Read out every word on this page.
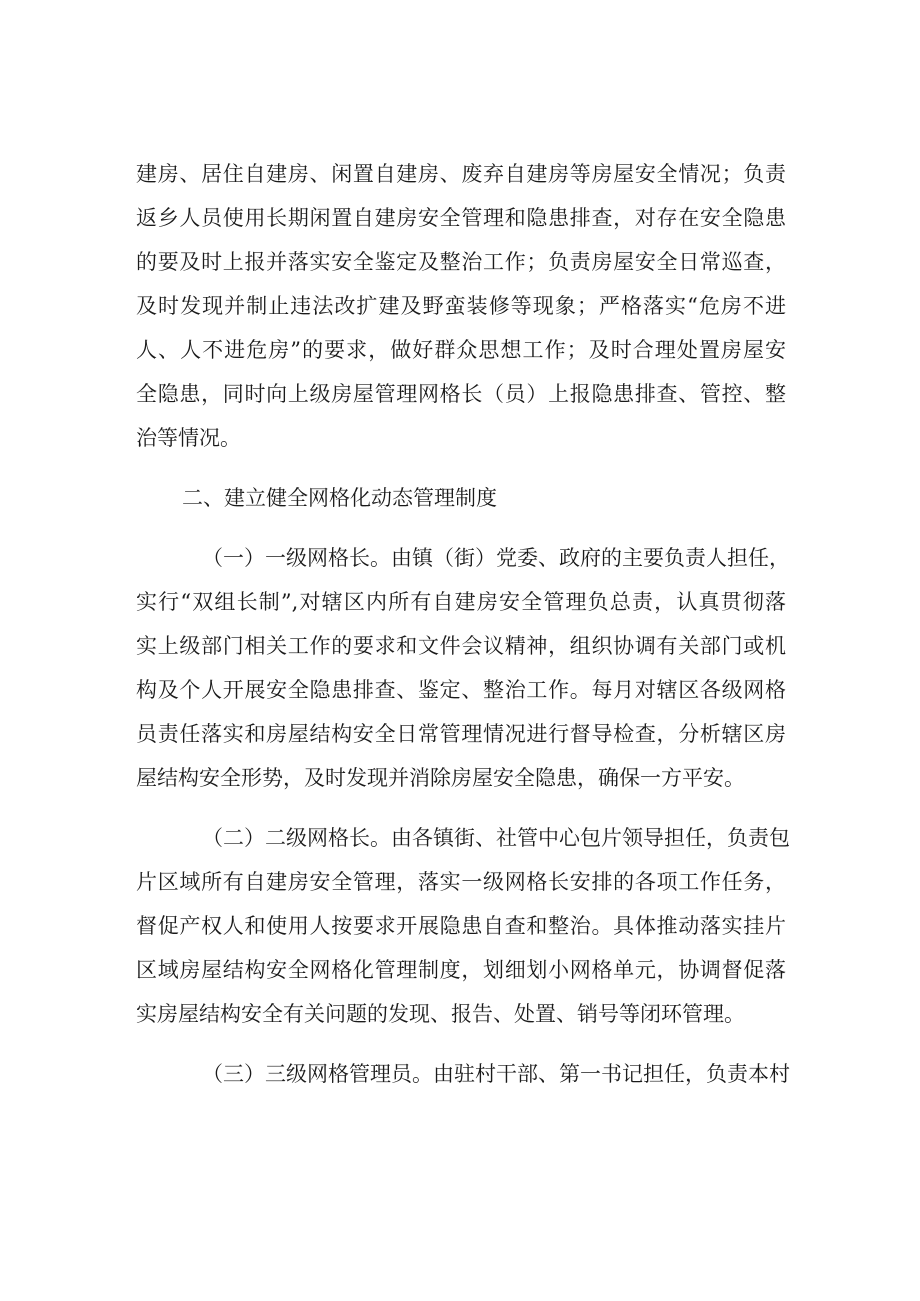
建房、居住自建房、闲置自建房、废弃自建房等房屋安全情况；负责
返乡人员使用长期闲置自建房安全管理和隐患排查，对存在安全隐患
的要及时上报并落实安全鉴定及整治工作；负责房屋安全日常巡查，
及时发现并制止违法改扩建及野蛮装修等现象；严格落实“危房不进
人、人不进危房”的要求，做好群众思想工作；及时合理处置房屋安
全隐患，同时向上级房屋管理网格长（员）上报隐患排查、管控、整
治等情况。
二、建立健全网格化动态管理制度
（一）一级网格长。由镇（街）党委、政府的主要负责人担任，
实行“双组长制”,对辖区内所有自建房安全管理负总责，认真贯彻落
实上级部门相关工作的要求和文件会议精神，组织协调有关部门或机
构及个人开展安全隐患排查、鉴定、整治工作。每月对辖区各级网格
员责任落实和房屋结构安全日常管理情况进行督导检查，分析辖区房
屋结构安全形势，及时发现并消除房屋安全隐患，确保一方平安。
（二）二级网格长。由各镇街、社管中心包片领导担任，负责包
片区域所有自建房安全管理，落实一级网格长安排的各项工作任务，
督促产权人和使用人按要求开展隐患自查和整治。具体推动落实挂片
区域房屋结构安全网格化管理制度，划细划小网格单元，协调督促落
实房屋结构安全有关问题的发现、报告、处置、销号等闭环管理。
（三）三级网格管理员。由驻村干部、第一书记担任，负责本村
